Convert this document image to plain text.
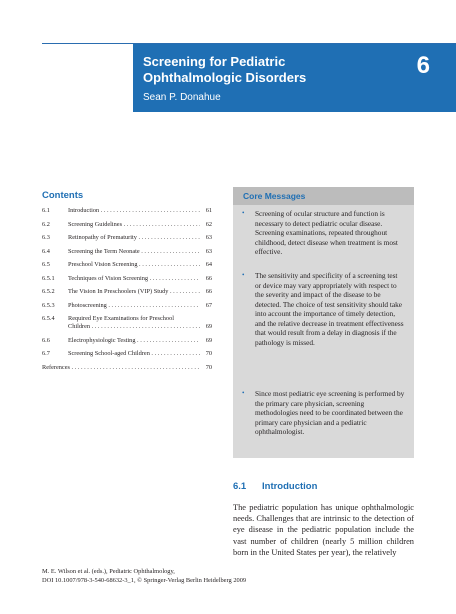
Screening for Pediatric
Ophthalmologic Disorders
Sean P. Donahue
6
Contents
6.1	Introduction . . .	61
6.2	Screening Guidelines . . .	62
6.3	Retinopathy of Prematurity . . .	63
6.4	Screening the Term Neonate . . .	63
6.5	Preschool Vision Screening . . .	64
6.5.1 Techniques of Vision Screening . . .	66
6.5.2 The Vision In Preschoolers (VIP) Study . . .	66
6.5.3 Photoscreening . . .	67
6.5.4 Required Eye Examinations for Preschool
Children . . .	69
6.6	Electrophysiologic Testing . . .	69
6.7	Screening School-aged Children . . .	70
References . . .	70
Core Messages
• Screening of ocular structure and function is necessary to detect pediatric ocular disease. Screening examinations, repeated throughout childhood, detect disease when treatment is most effective.
• The sensitivity and specificity of a screening test or device may vary appropriately with respect to the severity and impact of the disease to be detected. The choice of test sensitivity should take into account the importance of timely detection, and the relative decrease in treatment effectiveness that would result from a delay in diagnosis if the pathology is missed.
• Since most pediatric eye screening is performed by the primary care physician, screening methodologies need to be coordinated between the primary care physician and a pediatric ophthalmologist.
6.1 Introduction
The pediatric population has unique ophthalmologic needs. Challenges that are intrinsic to the detection of eye disease in the pediatric population include the vast number of children (nearly 5 million children born in the United States per year), the relatively
M. E. Wilson et al. (eds.), Pediatric Ophthalmology,
DOI 10.1007/978-3-540-68632-3_1, © Springer-Verlag Berlin Heidelberg 2009
